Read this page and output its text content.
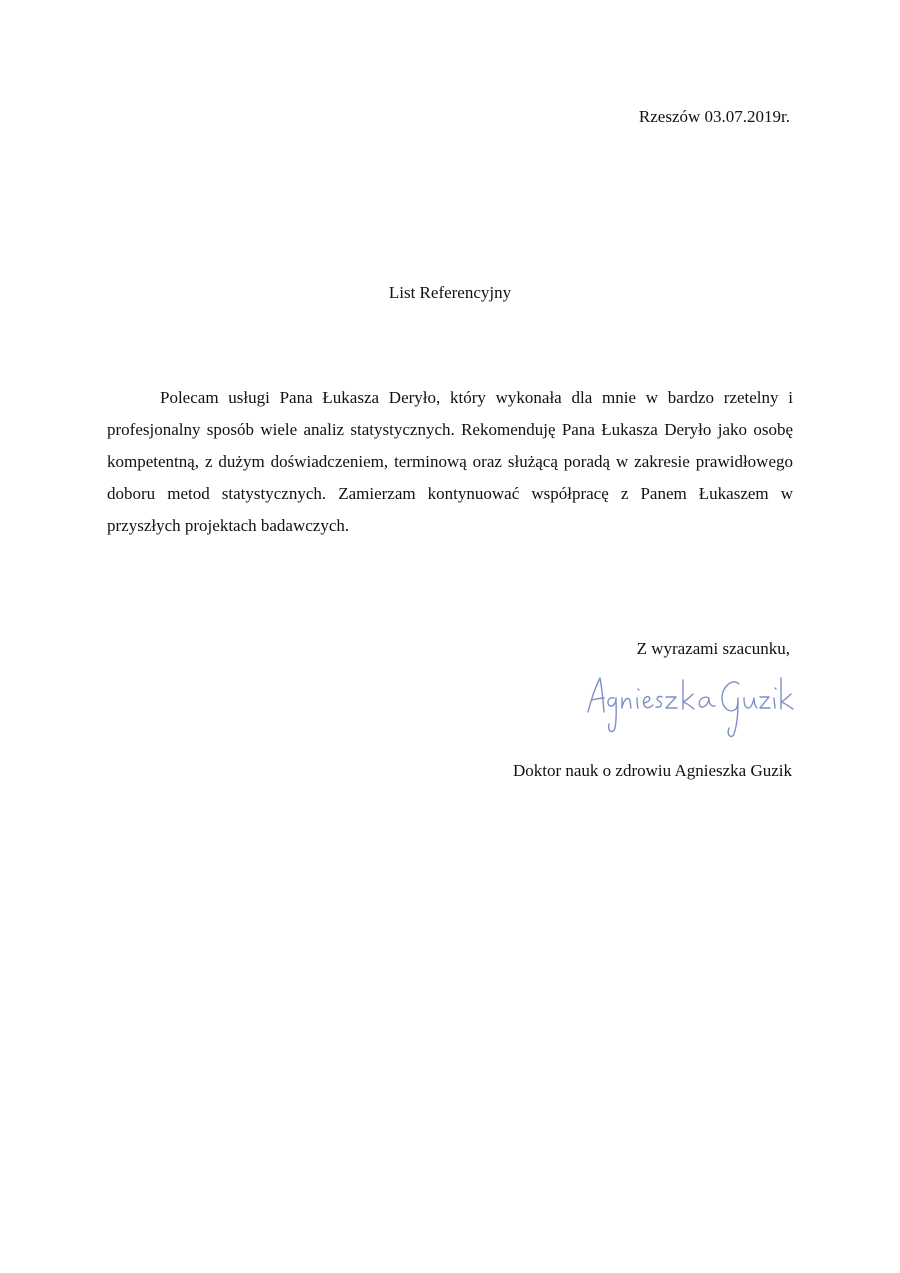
Rzeszów 03.07.2019r.
List Referencyjny

Polecam usługi Pana Łukasza Deryło, który wykonała dla mnie w bardzo rzetelny i profesjonalny sposób wiele analiz statystycznych. Rekomenduję Pana Łukasza Deryło jako osobę kompetentną, z dużym doświadczeniem, terminową oraz służącą poradą w zakresie prawidłowego doboru metod statystycznych. Zamierzam kontynuować współpracę z Panem Łukaszem w przyszłych projektach badawczych.

Z wyrazami szacunku,
Doktor nauk o zdrowiu Agnieszka Guzik
